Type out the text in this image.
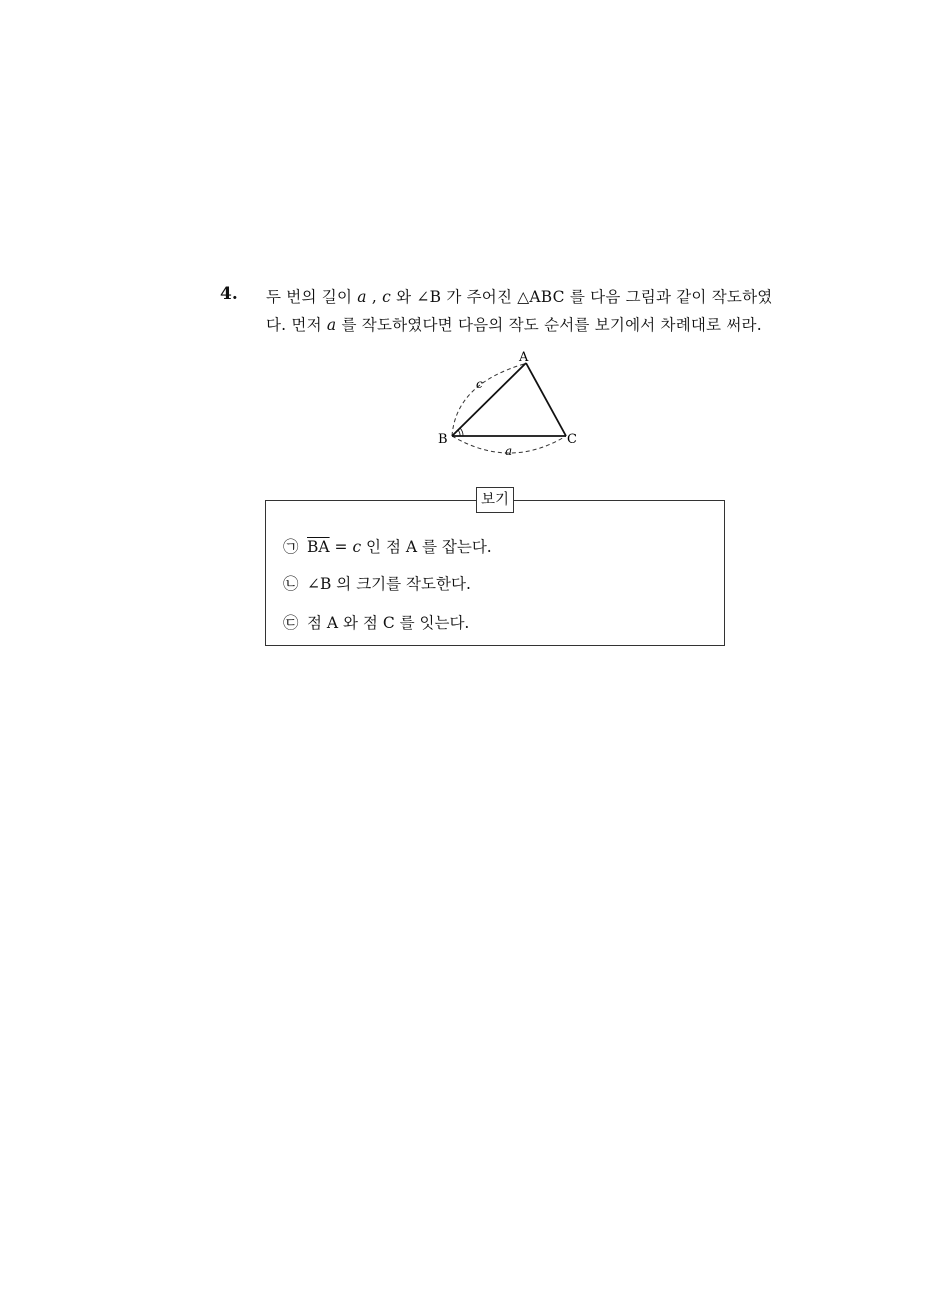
4. 두 번의 길이 a , c 와 ∠B 가 주어진 △ABC 를 다음 그림과 같이 작도하였
다. 먼저 a 를 작도하였다면 다음의 작도 순서를 보기에서 차례대로 써라.
A
B	C
c
a
보기
㉠ $\overline{BA} = c$ 인 점 A 를 잡는다.
㉡ ∠B 의 크기를 작도한다.
㉢ 점 A 와 점 C 를 잇는다.
